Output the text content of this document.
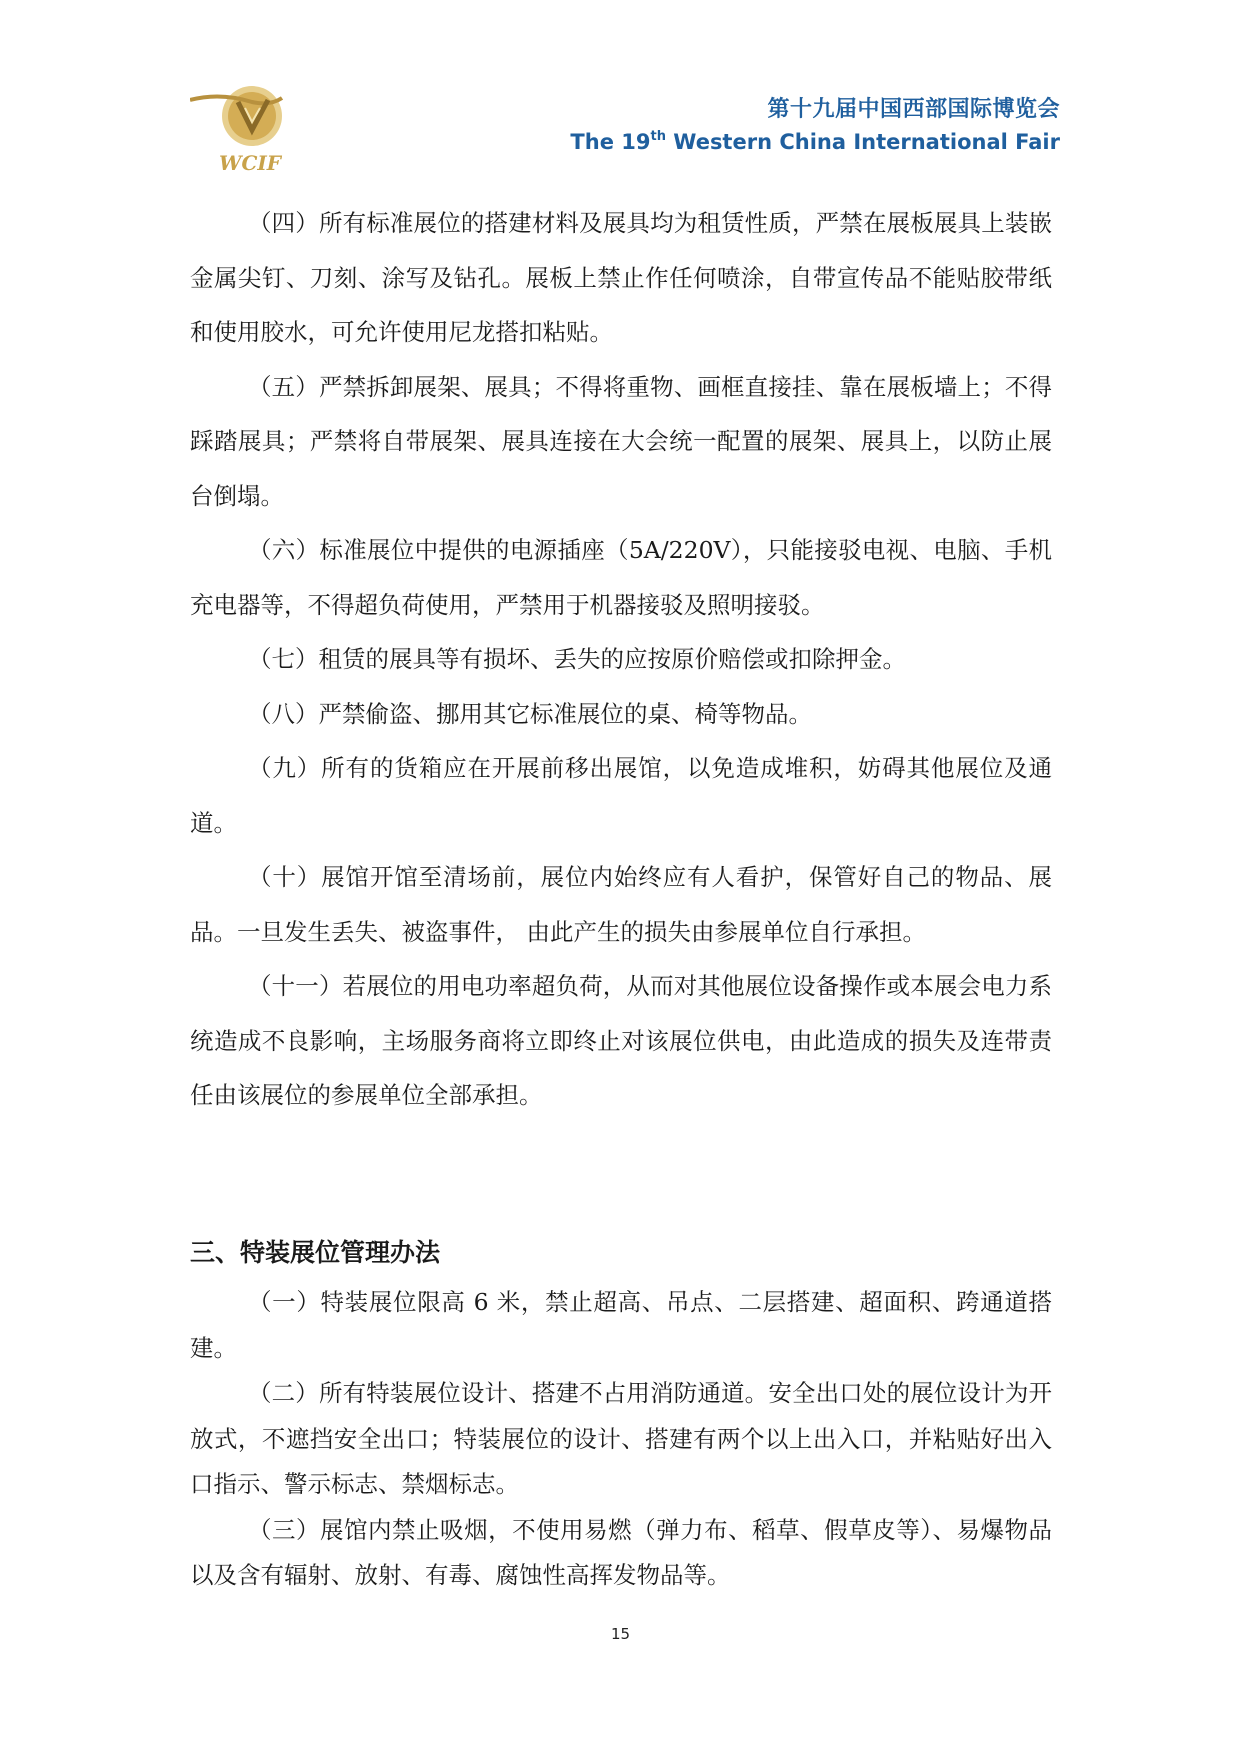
WCIF
第十九届中国西部国际博览会
The 19th Western China International Fair

（四）所有标准展位的搭建材料及展具均为租赁性质，严禁在展板展具上装嵌金属尖钉、刀刻、涂写及钻孔。展板上禁止作任何喷涂，自带宣传品不能贴胶带纸和使用胶水，可允许使用尼龙搭扣粘贴。

（五）严禁拆卸展架、展具；不得将重物、画框直接挂、靠在展板墙上；不得踩踏展具；严禁将自带展架、展具连接在大会统一配置的展架、展具上，以防止展台倒塌。

（六）标准展位中提供的电源插座（5A/220V），只能接驳电视、电脑、手机充电器等，不得超负荷使用，严禁用于机器接驳及照明接驳。

（七）租赁的展具等有损坏、丢失的应按原价赔偿或扣除押金。

（八）严禁偷盗、挪用其它标准展位的桌、椅等物品。

（九）所有的货箱应在开展前移出展馆，以免造成堆积，妨碍其他展位及通道。

（十）展馆开馆至清场前，展位内始终应有人看护，保管好自己的物品、展品。一旦发生丢失、被盗事件， 由此产生的损失由参展单位自行承担。

（十一）若展位的用电功率超负荷，从而对其他展位设备操作或本展会电力系统造成不良影响，主场服务商将立即终止对该展位供电，由此造成的损失及连带责任由该展位的参展单位全部承担。

三、特装展位管理办法

（一）特装展位限高 6 米，禁止超高、吊点、二层搭建、超面积、跨通道搭建。

（二）所有特装展位设计、搭建不占用消防通道。安全出口处的展位设计为开放式，不遮挡安全出口；特装展位的设计、搭建有两个以上出入口，并粘贴好出入口指示、警示标志、禁烟标志。

（三）展馆内禁止吸烟，不使用易燃（弹力布、稻草、假草皮等）、易爆物品以及含有辐射、放射、有毒、腐蚀性高挥发物品等。

15
